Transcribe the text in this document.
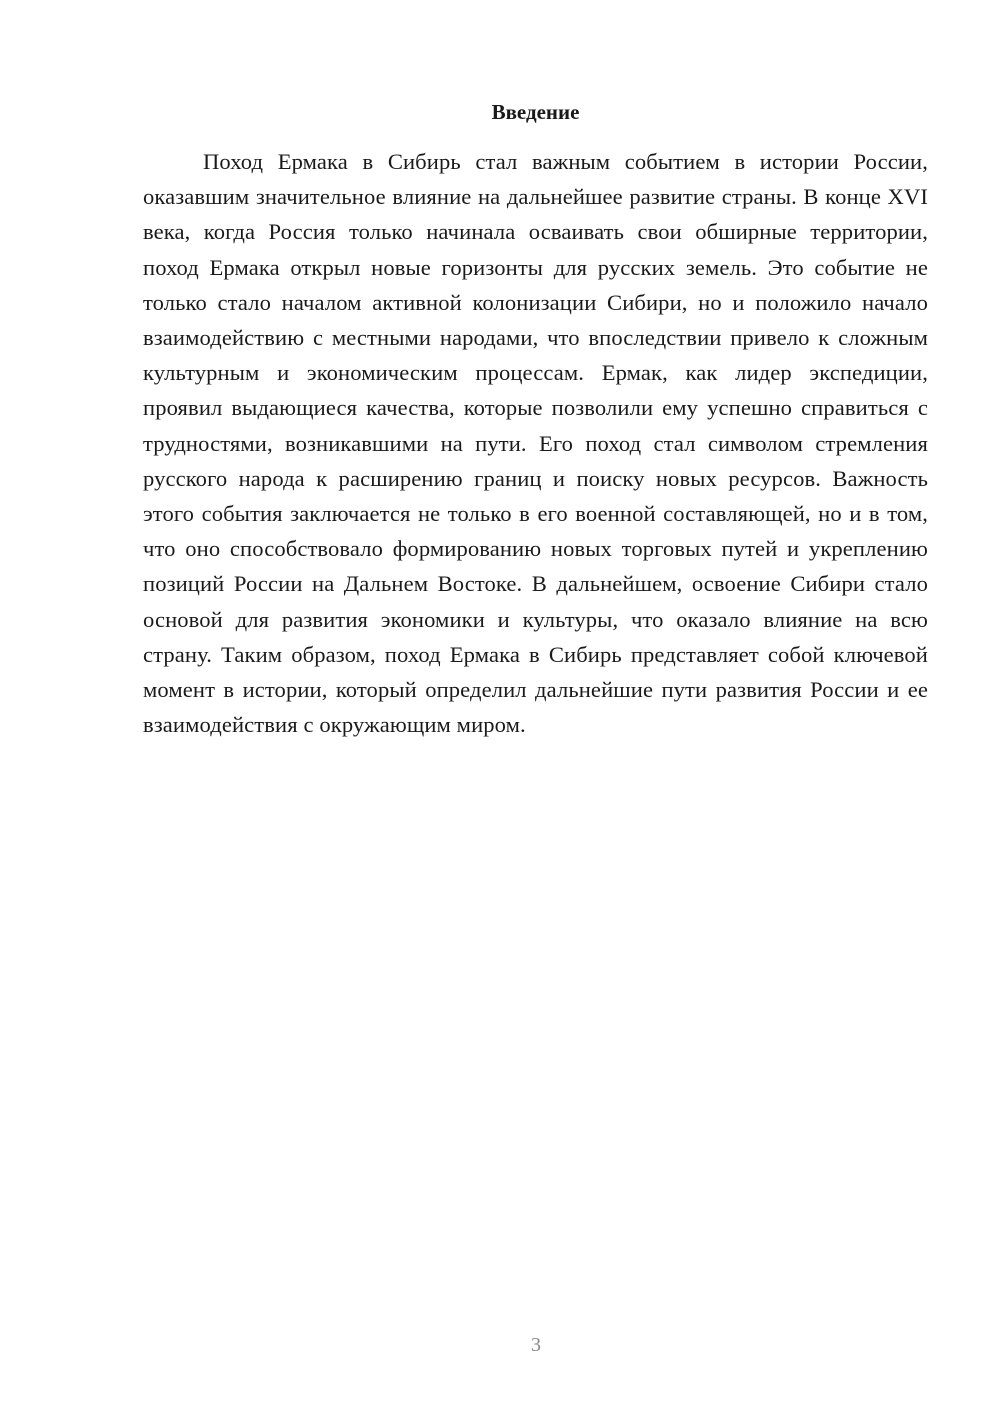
Введение

Поход Ермака в Сибирь стал важным событием в истории России, оказавшим значительное влияние на дальнейшее развитие страны. В конце XVI века, когда Россия только начинала осваивать свои обширные территории, поход Ермака открыл новые горизонты для русских земель. Это событие не только стало началом активной колонизации Сибири, но и положило начало взаимодействию с местными народами, что впоследствии привело к сложным культурным и экономическим процессам. Ермак, как лидер экспедиции, проявил выдающиеся качества, которые позволили ему успешно справиться с трудностями, возникавшими на пути. Его поход стал символом стремления русского народа к расширению границ и поиску новых ресурсов. Важность этого события заключается не только в его военной составляющей, но и в том, что оно способствовало формированию новых торговых путей и укреплению позиций России на Дальнем Востоке. В дальнейшем, освоение Сибири стало основой для развития экономики и культуры, что оказало влияние на всю страну. Таким образом, поход Ермака в Сибирь представляет собой ключевой момент в истории, который определил дальнейшие пути развития России и ее взаимодействия с окружающим миром.

3
